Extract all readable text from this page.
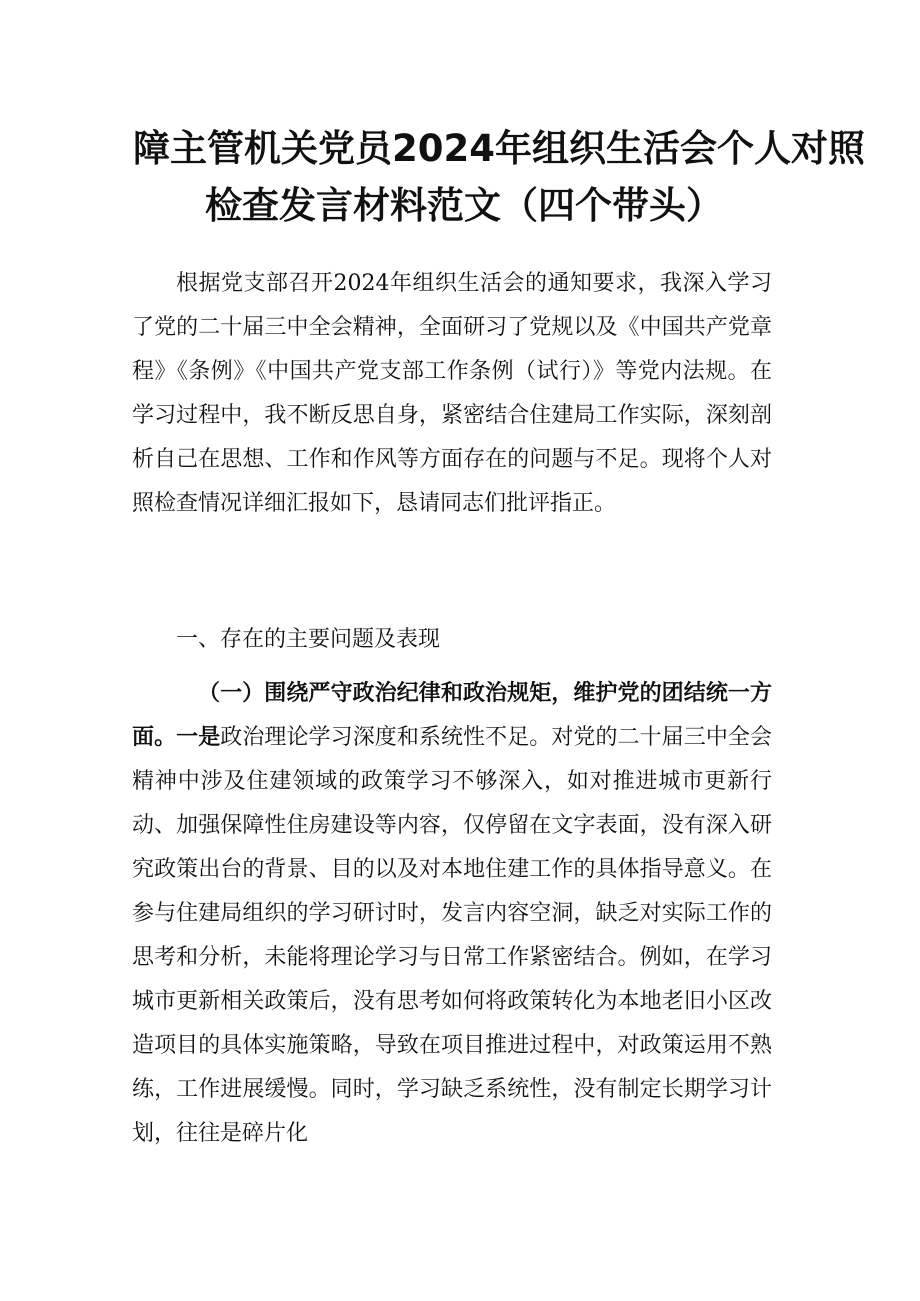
障主管机关党员2024年组织生活会个人对照
检查发言材料范文（四个带头）
根据党支部召开2024年组织生活会的通知要求，我深入学习了党的二十届三中全会精神，全面研习了党规以及《中国共产党章程》《条例》《中国共产党支部工作条例（试行）》等党内法规。在学习过程中，我不断反思自身，紧密结合住建局工作实际，深刻剖析自己在思想、工作和作风等方面存在的问题与不足。现将个人对照检查情况详细汇报如下，恳请同志们批评指正。
一、存在的主要问题及表现
（一）围绕严守政治纪律和政治规矩，维护党的团结统一方面。一是政治理论学习深度和系统性不足。对党的二十届三中全会精神中涉及住建领域的政策学习不够深入，如对推进城市更新行动、加强保障性住房建设等内容，仅停留在文字表面，没有深入研究政策出台的背景、目的以及对本地住建工作的具体指导意义。在参与住建局组织的学习研讨时，发言内容空洞，缺乏对实际工作的思考和分析，未能将理论学习与日常工作紧密结合。例如，在学习城市更新相关政策后，没有思考如何将政策转化为本地老旧小区改造项目的具体实施策略，导致在项目推进过程中，对政策运用不熟练，工作进展缓慢。同时，学习缺乏系统性，没有制定长期学习计划，往往是碎片化
